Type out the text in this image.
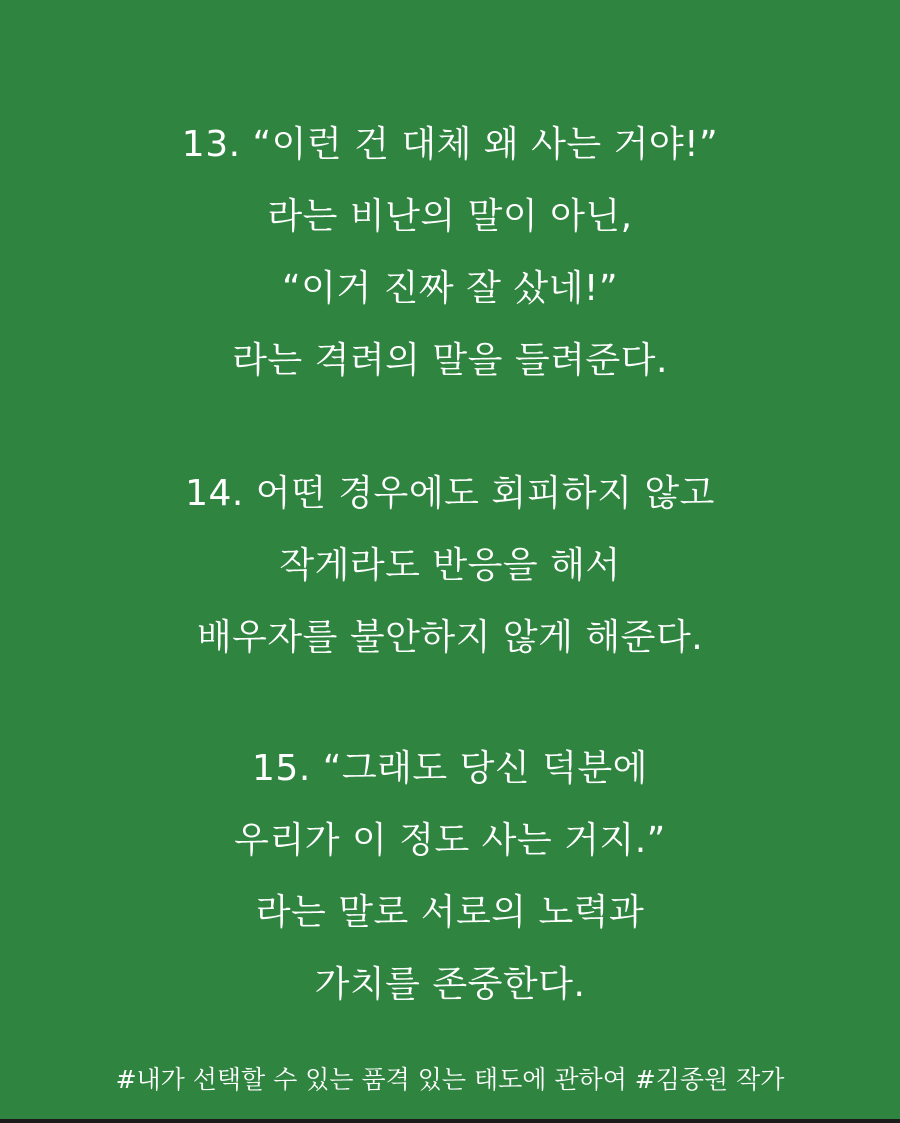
13. “이런 건 대체 왜 사는 거야!”
라는 비난의 말이 아닌,
“이거 진짜 잘 샀네!”
라는 격려의 말을 들려준다.
14. 어떤 경우에도 회피하지 않고
작게라도 반응을 해서
배우자를 불안하지 않게 해준다.
15. “그래도 당신 덕분에
우리가 이 정도 사는 거지.”
라는 말로 서로의 노력과
가치를 존중한다.
#내가 선택할 수 있는 품격 있는 태도에 관하여 #김종원 작가
